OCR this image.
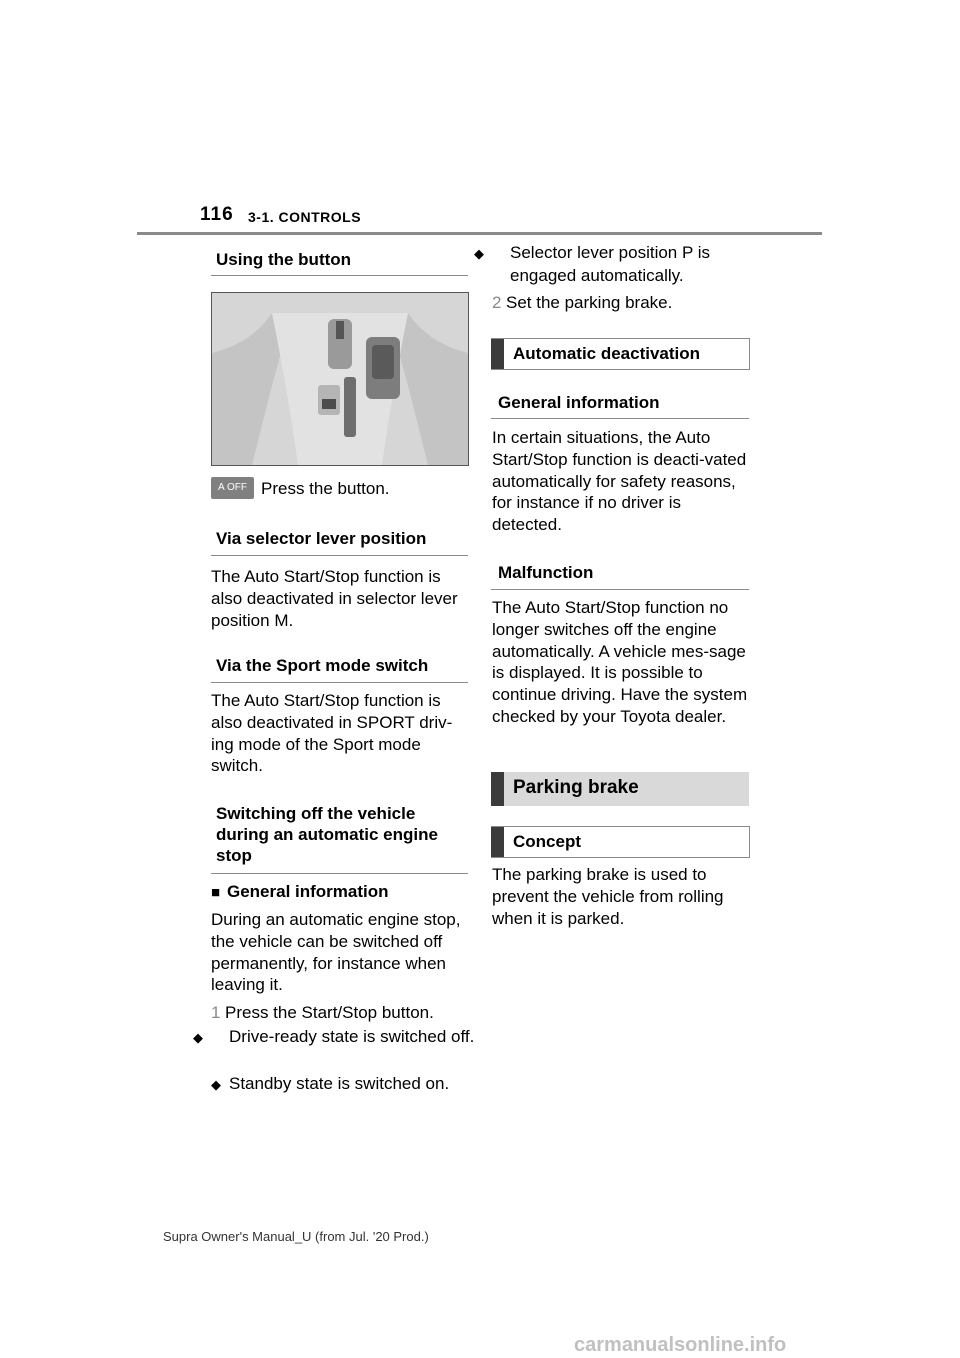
116 3-1. CONTROLS
Using the button
A OFF Press the button.
Via selector lever position
The Auto Start/Stop function is also deactivated in selector lever position M.
Via the Sport mode switch
The Auto Start/Stop function is also deactivated in SPORT driv-ing mode of the Sport mode switch.
Switching off the vehicle during an automatic engine stop
■ General information
During an automatic engine stop, the vehicle can be switched off permanently, for instance when leaving it.
1 Press the Start/Stop button.
◆ Drive-ready state is switched off.
◆ Standby state is switched on.
◆ Selector lever position P is engaged automatically.
2 Set the parking brake.
Automatic deactivation
General information
In certain situations, the Auto Start/Stop function is deacti-vated automatically for safety reasons, for instance if no driver is detected.
Malfunction
The Auto Start/Stop function no longer switches off the engine automatically. A vehicle mes-sage is displayed. It is possible to continue driving. Have the system checked by your Toyota dealer.
Parking brake
Concept
The parking brake is used to prevent the vehicle from rolling when it is parked.
Supra Owner's Manual_U (from Jul. '20 Prod.)
carmanualsonline.info
